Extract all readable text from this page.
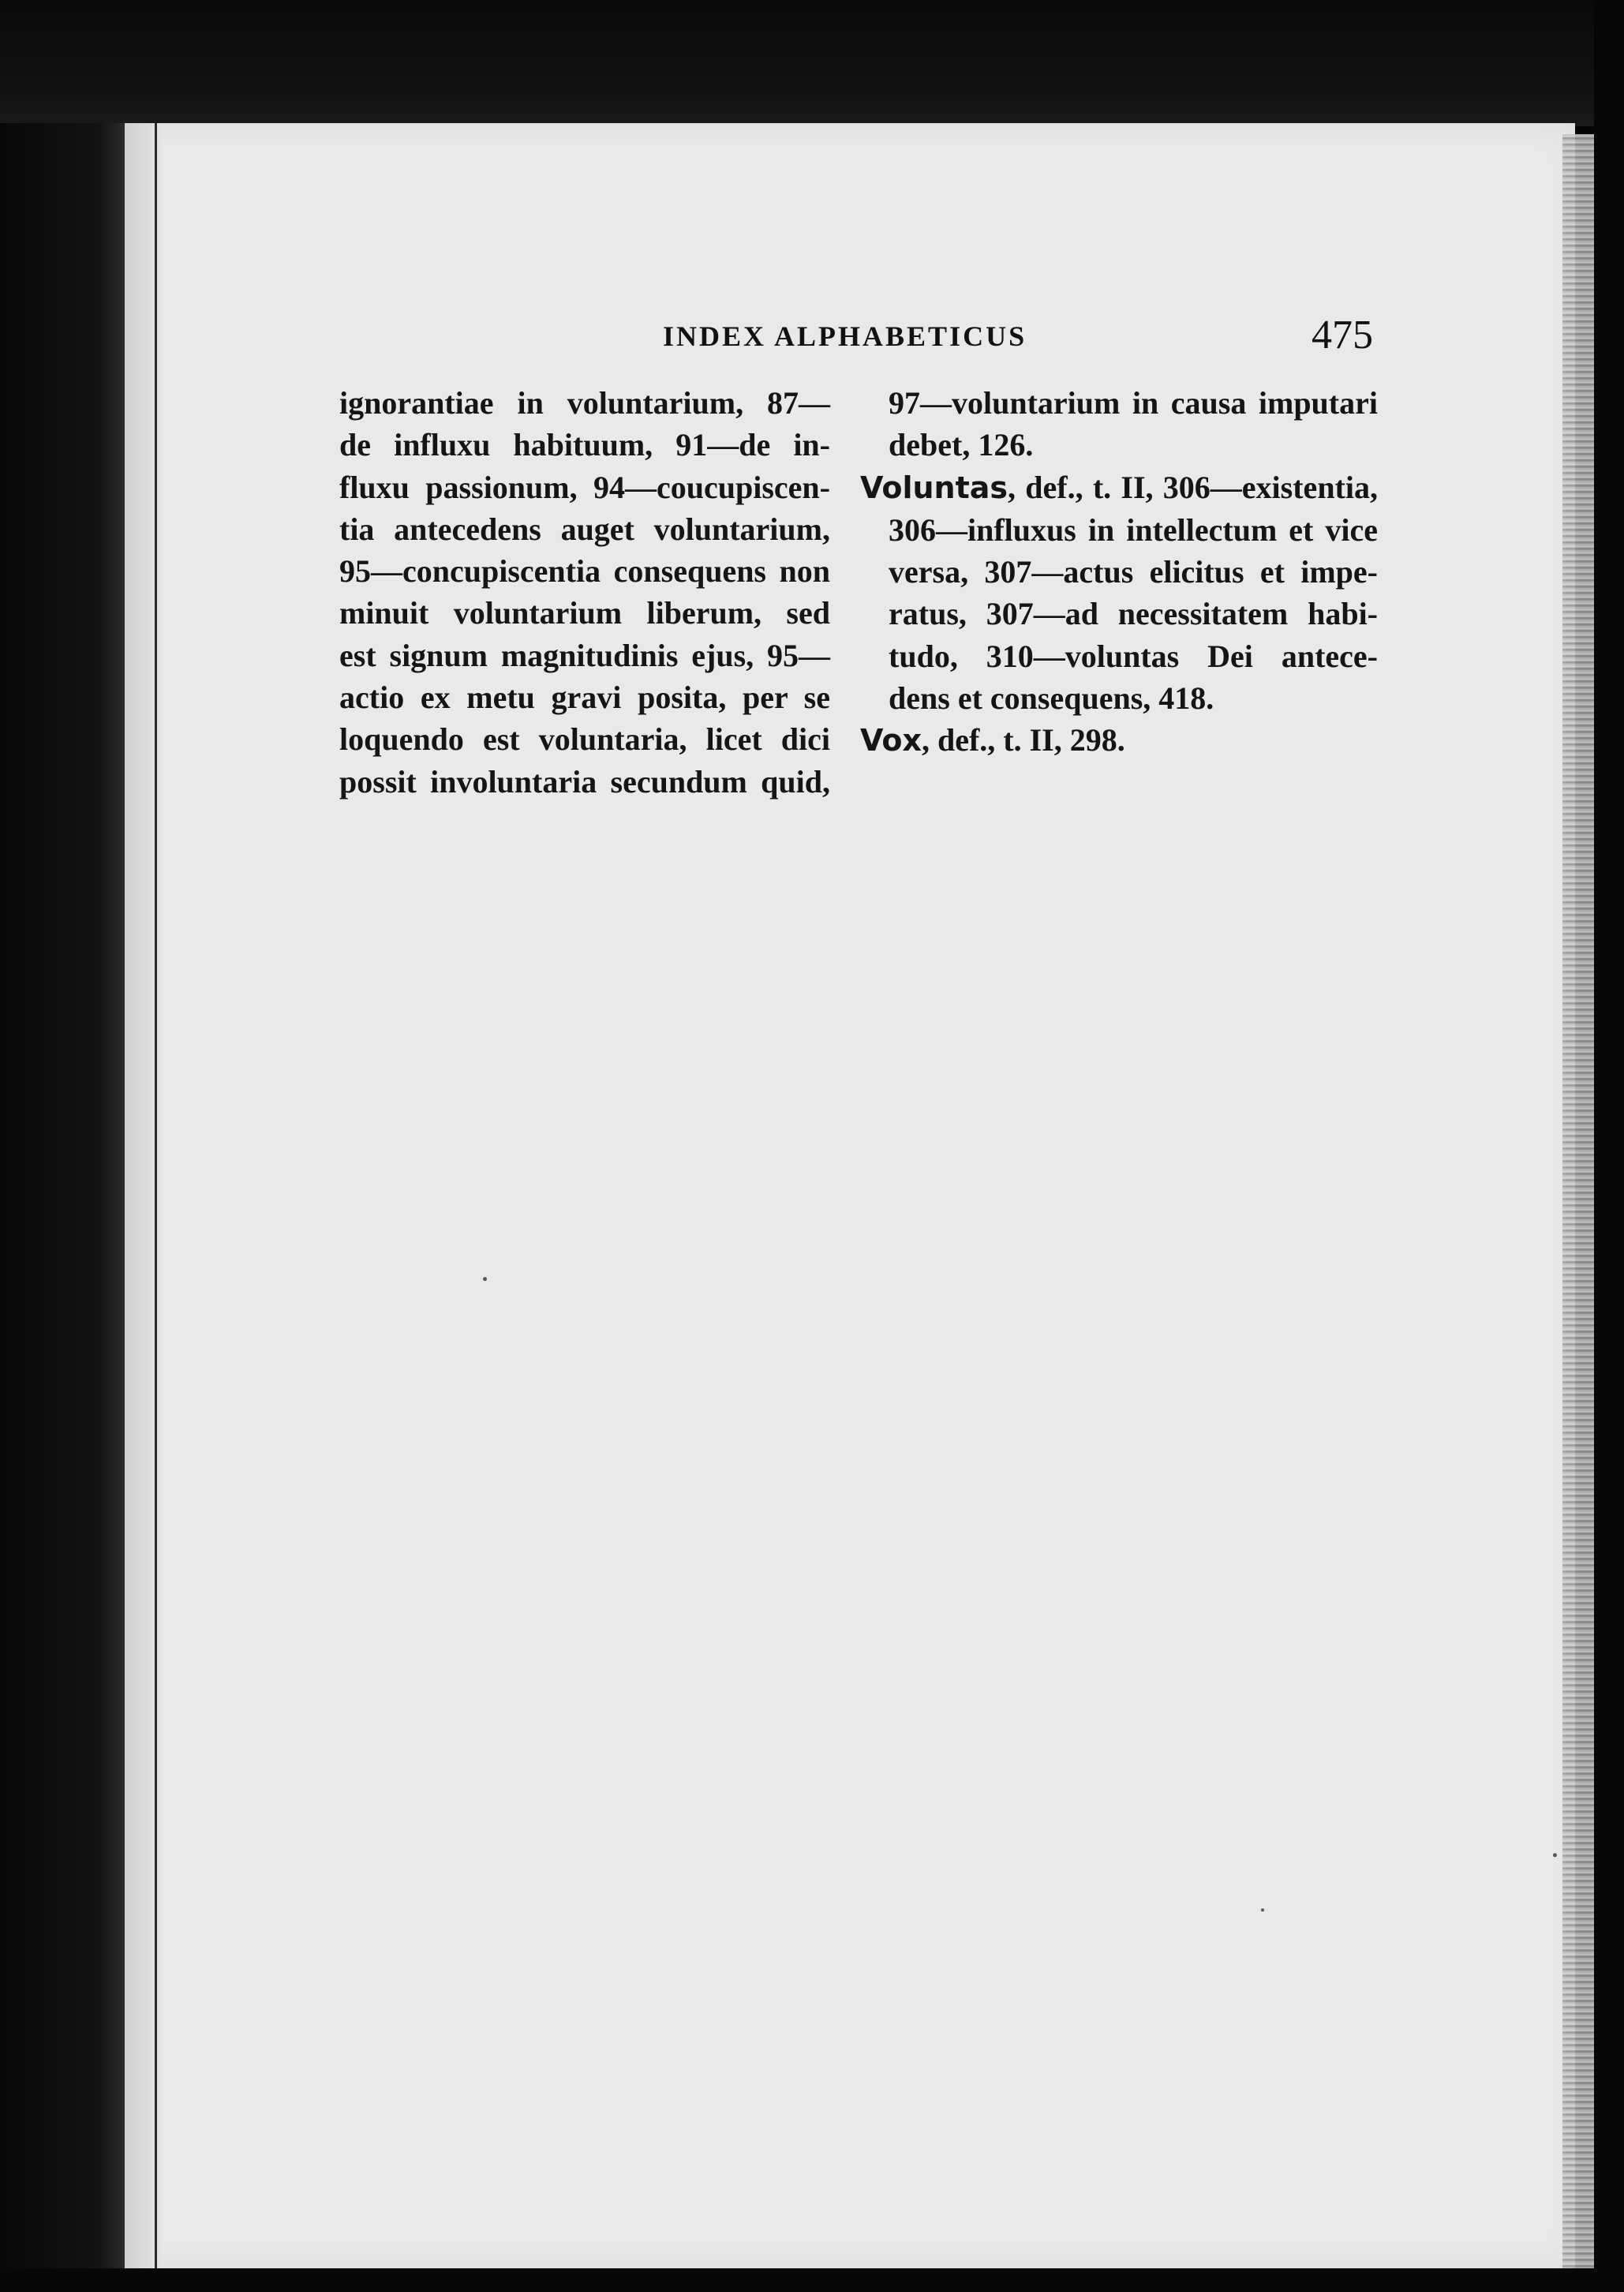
INDEX ALPHABETICUS	475
ignorantiae in voluntarium, 87—
de influxu habituum, 91—de in-
fluxu passionum, 94—coucupiscen-
tia antecedens auget voluntarium,
95—concupiscentia consequens non
minuit voluntarium liberum, sed
est signum magnitudinis ejus, 95—
actio ex metu gravi posita, per se
loquendo est voluntaria, licet dici
possit involuntaria secundum quid,
97—voluntarium in causa imputari
debet, 126.
Voluntas, def., t. II, 306—existentia,
306—influxus in intellectum et vice
versa, 307—actus elicitus et impe-
ratus, 307—ad necessitatem habi-
tudo, 310—voluntas Dei antece-
dens et consequens, 418.
Vox, def., t. II, 298.
